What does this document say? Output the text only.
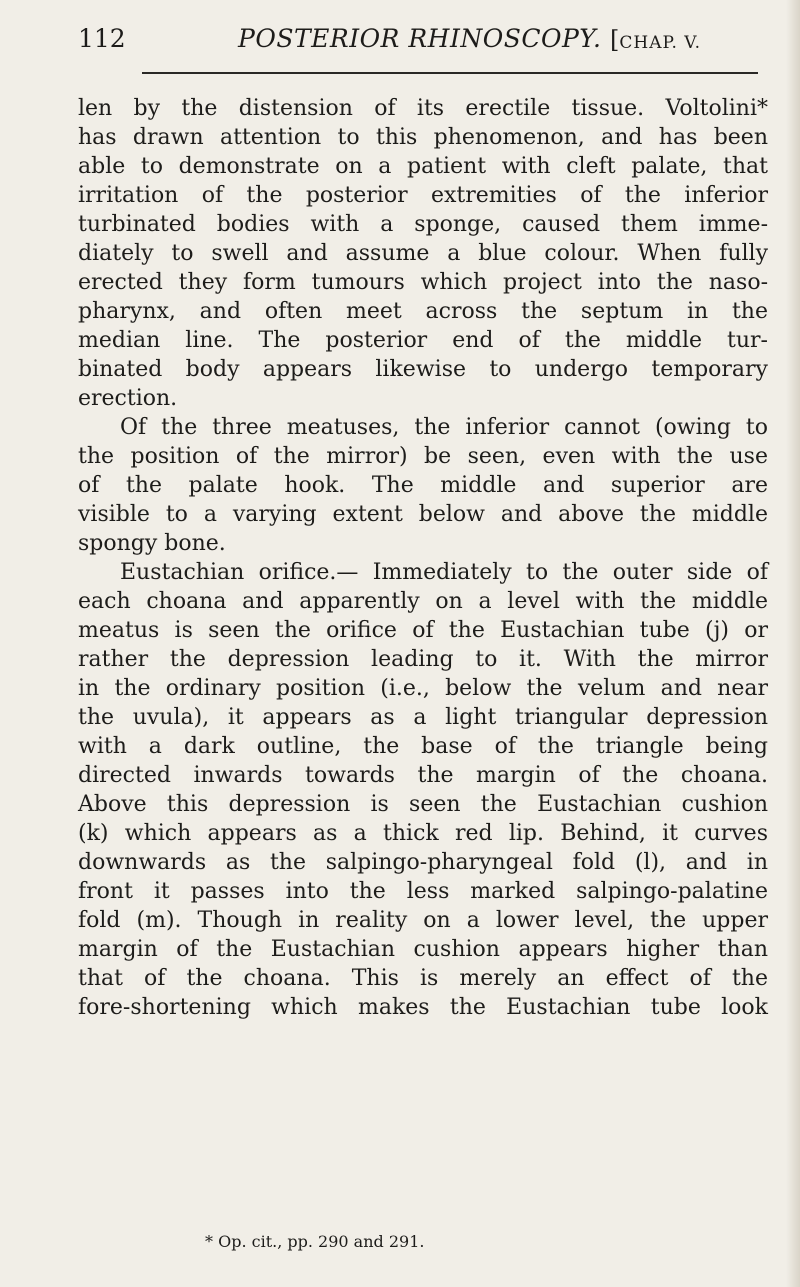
112	POSTERIOR RHINOSCOPY. [CHAP. V.

len by the distension of its erectile tissue. Voltolini*
has drawn attention to this phenomenon, and has been
able to demonstrate on a patient with cleft palate, that
irritation of the posterior extremities of the inferior
turbinated bodies with a sponge, caused them imme-
diately to swell and assume a blue colour. When fully
erected they form tumours which project into the naso-
pharynx, and often meet across the septum in the
median line. The posterior end of the middle tur-
binated body appears likewise to undergo temporary
erection.

Of the three meatuses, the inferior cannot (owing to
the position of the mirror) be seen, even with the use
of the palate hook. The middle and superior are
visible to a varying extent below and above the middle
spongy bone.

Eustachian orifice.— Immediately to the outer side of
each choana and apparently on a level with the middle
meatus is seen the orifice of the Eustachian tube (j) or
rather the depression leading to it. With the mirror
in the ordinary position (i.e., below the velum and near
the uvula), it appears as a light triangular depression
with a dark outline, the base of the triangle being
directed inwards towards the margin of the choana.
Above this depression is seen the Eustachian cushion
(k) which appears as a thick red lip. Behind, it curves
downwards as the salpingo-pharyngeal fold (l), and in
front it passes into the less marked salpingo-palatine
fold (m). Though in reality on a lower level, the upper
margin of the Eustachian cushion appears higher than
that of the choana. This is merely an effect of the
fore-shortening which makes the Eustachian tube look

* Op. cit., pp. 290 and 291.
